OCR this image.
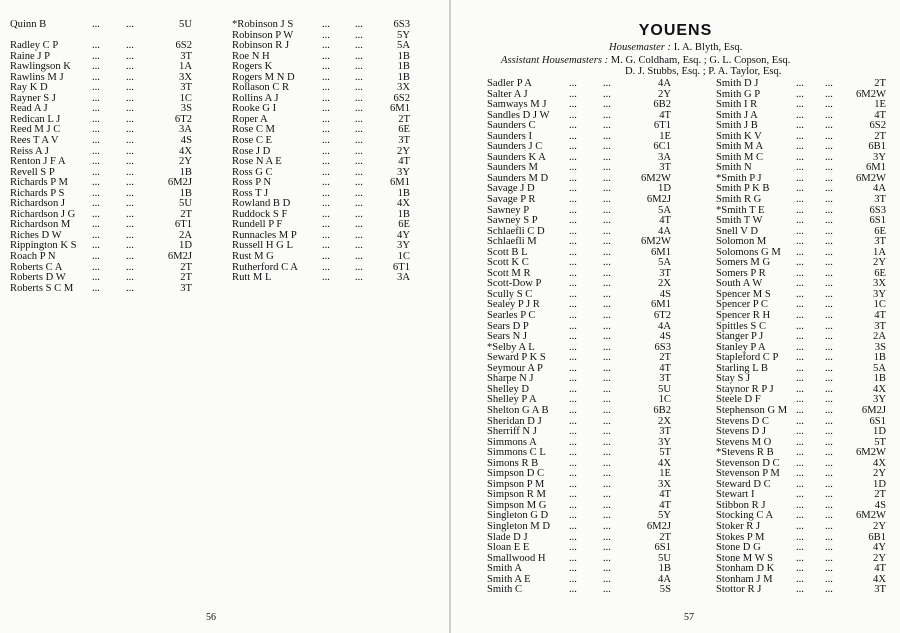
Quinn B	... ...	5U
Radley C P	... ...	6S2
Raine J P	... ...	3T
Rawlingson K ... ...	1A
Rawlins M J	... ...	3X
Ray K D	... ...	3T
Rayner S J	... ...	1C
Read A J	... ...	3S
Redican L J	... ...	6T2
Reed M J C	... ...	3A
Rees T A V	... ...	4S
Reiss A J	... ...	4X
Renton J F A ... ...	2Y
Revell S P	... ...	1B
Richards P M ... ...	6M2J
Richards P S	... ...	1B
Richardson J	... ...	5U
Richardson J G ... ...	2T
Richardson M ... ...	6T1
Riches D W	... ...	2A
Rippington K S ... ...	1D
Roach P N	... ...	6M2J
Roberts C A	... ...	2T
Roberts D W ... ...	2T
Roberts S C M ... ...	3T
*Robinson J S	... ...	6S3
Robinson P W	... ...	5Y
Robinson R J	... ...	5A
Roe N H	... ...	1B
Rogers K	... ...	1B
Rogers M N D	... ...	1B
Rollason C R	... ...	3X
Rollins A J	... ...	6S2
Rooke G I	... ...	6M1
Roper A	... ...	2T
Rose C M	... ...	6E
Rose C E	... ...	3T
Rose J D	... ...	2Y
Rose N A E	... ...	4T
Ross G C	... ...	3Y
Ross P N	... ...	6M1
Ross T J	... ...	1B
Rowland B D	... ...	4X
Ruddock S F	... ...	1B
Rundell P F	... ...	6E
Runnacles M P ... ...	4Y
Russell H G L	... ...	3Y
Rust M G	... ...	1C
Rutherford C A ... ...	6T1
Rutt M L	... ...	3A
56
YOUENS
Housemaster : I. A. Blyth, Esq.
Assistant Housemasters : M. G. Coldham, Esq. ; G. L. Copson, Esq.
D. J. Stubbs, Esq. ; P. A. Taylor, Esq.
Sadler P A	... ...	4A
Salter A J	... ...	2Y
Samways M J ... ...	6B2
Sandles D J W ... ...	4T
Saunders C	... ...	6T1
Saunders I	... ...	1E
Saunders J C	... ...	6C1
Saunders K A ... ...	3A
Saunders M	... ...	3T
Saunders M D ... ...	6M2W
Savage J D	... ...	1D
Savage P R	... ...	6M2J
Sawney P	... ...	5A
Sawney S P	... ...	4T
Schlaefli C D ... ...	4A
Schlaefli M	... ...	6M2W
Scott B L	... ...	6M1
Scott K C	... ...	5A
Scott M R	... ...	3T
Scott-Dow P	... ...	2X
Scully S C	... ...	4S
Sealey P J R	... ...	6M1
Searles P C	... ...	6T2
Sears D P	... ...	4A
Sears N J	... ...	4S
*Selby A L	... ...	6S3
Seward P K S ... ...	2T
Seymour A P ... ...	4T
Sharpe N J	... ...	3T
Shelley D	... ...	5U
Shelley P A	... ...	1C
Shelton G A B ... ...	6B2
Sheridan D J	... ...	2X
Sherriff N J	... ...	3T
Simmons A	... ...	3Y
Simmons C L ... ...	5T
Simons R B	... ...	4X
Simpson D C ... ...	1E
Simpson P M ... ...	3X
Simpson R M ... ...	4T
Simpson M G ... ...	4T
Singleton G D ... ...	5Y
Singleton M D ... ...	6M2J
Slade D J	... ...	2T
Sloan E E	... ...	6S1
Smallwood H ... ...	5U
Smith A	... ...	1B
Smith A E	... ...	4A
Smith C	... ...	5S
Smith D J	... ...	2T
Smith G P	... ...	6M2W
Smith I R	... ...	1E
Smith J A	... ...	4T
Smith J B	... ...	6S2
Smith K V	... ...	2T
Smith M A	... ...	6B1
Smith M C	... ...	3Y
Smith N	... ...	6M1
*Smith P J	... ...	6M2W
Smith P K B	... ...	4A
Smith R G	... ...	3T
*Smith T E	... ...	6S3
Smith T W	... ...	6S1
Snell V D	... ...	6E
Solomon M	... ...	3T
Solomons G M ... ...	1A
Somers M G ... ...	2Y
Somers P R	... ...	6E
South A W	... ...	3X
Spencer M S ... ...	3Y
Spencer P C	... ...	1C
Spencer R H ... ...	4T
Spittles S C	... ...	3T
Stanger P J	... ...	2A
Stanley P A	... ...	3S
Stapleford C P ... ...	1B
Starling L B	... ...	5A
Stay S J	... ...	1B
Staynor R P J ... ...	4X
Steele D F	... ...	3Y
Stephenson G M ... ...	6M2J
Stevens D C	... ...	6S1
Stevens D J	... ...	1D
Stevens M O ... ...	5T
*Stevens R B ... ...	6M2W
Stevenson D C ... ...	4X
Stevenson P M ... ...	2Y
Steward D C ... ...	1D
Stewart I	... ...	2T
Stibbon R J	... ...	4S
Stocking C A ... ...	6M2W
Stoker R J	... ...	2Y
Stokes P M	... ...	6B1
Stone D G	... ...	4Y
Stone M W S ... ...	2Y
Stonham D K ... ...	4T
Stonham J M ... ...	4X
Stottor R J	... ...	3T
57
